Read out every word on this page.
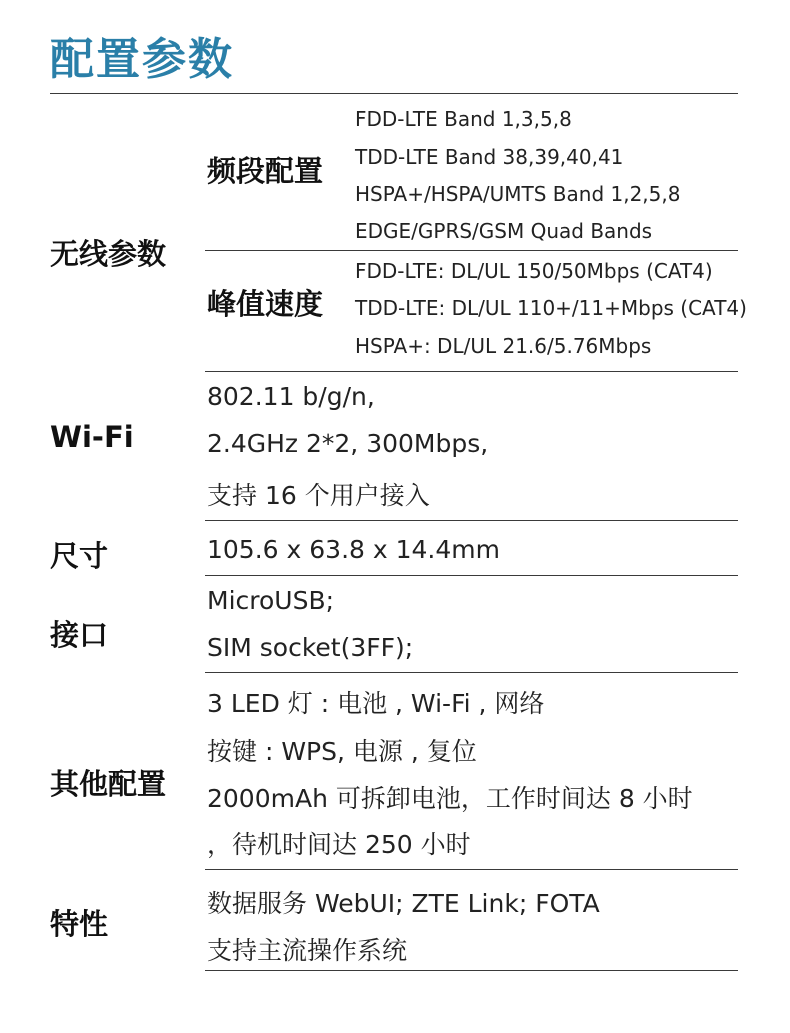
配置参数
无线参数
频段配置
FDD-LTE Band 1,3,5,8
TDD-LTE Band 38,39,40,41
HSPA+/HSPA/UMTS Band 1,2,5,8
EDGE/GPRS/GSM Quad Bands
峰值速度
FDD-LTE: DL/UL 150/50Mbps (CAT4)
TDD-LTE: DL/UL 110+/11+Mbps (CAT4)
HSPA+: DL/UL 21.6/5.76Mbps
Wi-Fi
802.11 b/g/n,
2.4GHz 2*2, 300Mbps,
支持 16 个用户接入
尺寸	105.6 x 63.8 x 14.4mm
接口
MicroUSB;
SIM socket(3FF);
其他配置
3 LED 灯 : 电池 , Wi-Fi , 网络
按键 : WPS, 电源 , 复位
2000mAh 可拆卸电池，工作时间达 8 小时
，待机时间达 250 小时
特性
数据服务 WebUI; ZTE Link; FOTA
支持主流操作系统
